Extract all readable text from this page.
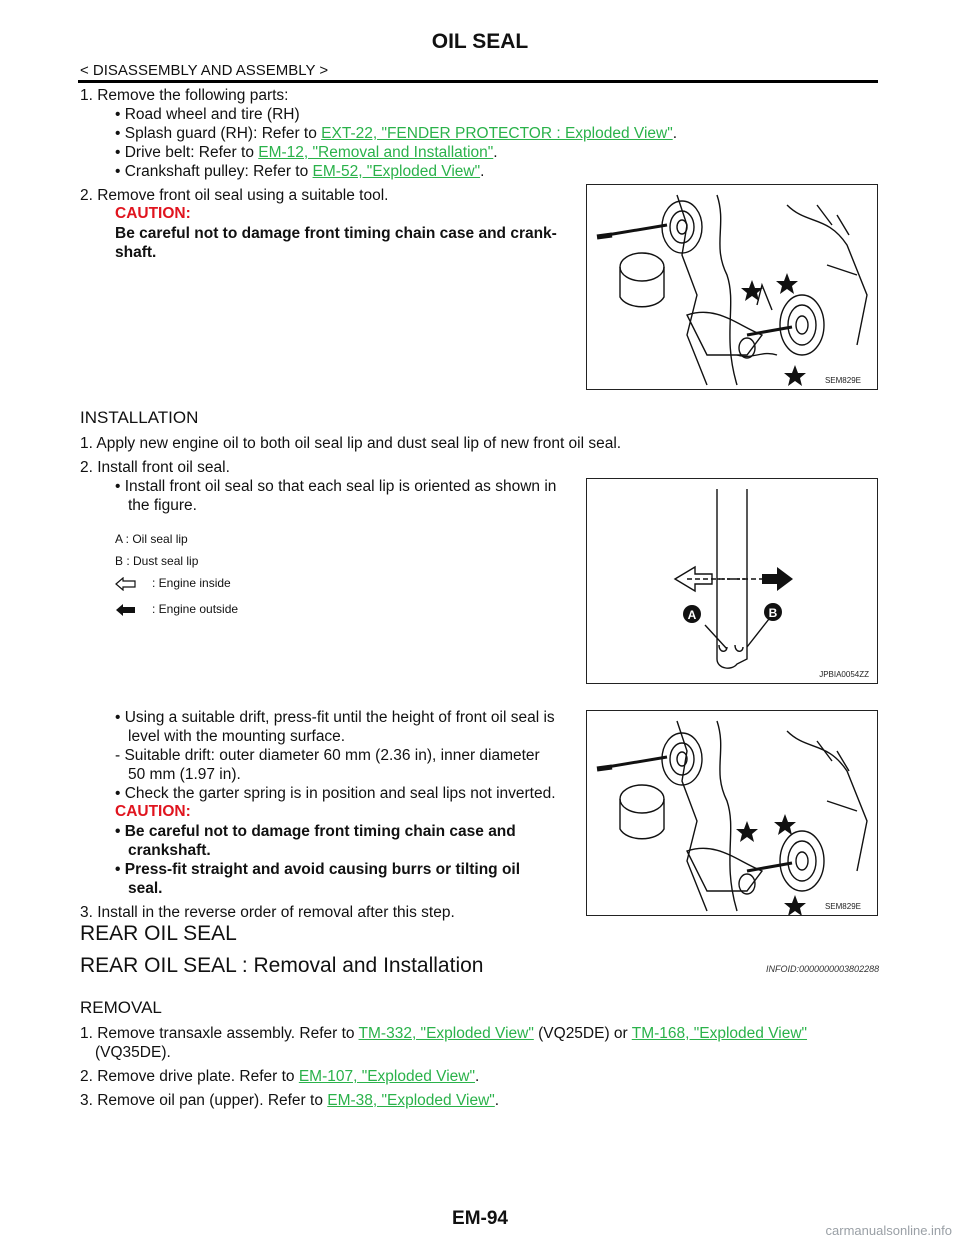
OIL SEAL
< DISASSEMBLY AND ASSEMBLY >
1. Remove the following parts:
• Road wheel and tire (RH)
• Splash guard (RH): Refer to EXT-22, "FENDER PROTECTOR : Exploded View".
• Drive belt: Refer to EM-12, "Removal and Installation".
• Crankshaft pulley: Refer to EM-52, "Exploded View".
2. Remove front oil seal using a suitable tool.
CAUTION:
Be careful not to damage front timing chain case and crank-
shaft.
SEM829E
INSTALLATION
1. Apply new engine oil to both oil seal lip and dust seal lip of new front oil seal.
2. Install front oil seal.
• Install front oil seal so that each seal lip is oriented as shown in
the figure.
A	B
JPBIA0054ZZ
A : Oil seal lip
B : Dust seal lip
: Engine inside
: Engine outside
• Using a suitable drift, press-fit until the height of front oil seal is
level with the mounting surface.
- Suitable drift: outer diameter 60 mm (2.36 in), inner diameter
50 mm (1.97 in).
• Check the garter spring is in position and seal lips not inverted.
CAUTION:
• Be careful not to damage front timing chain case and
crankshaft.
• Press-fit straight and avoid causing burrs or tilting oil
seal.
3. Install in the reverse order of removal after this step.	SEM829E
REAR OIL SEAL
REAR OIL SEAL : Removal and Installation	INFOID:0000000003802288
REMOVAL
1. Remove transaxle assembly. Refer to TM-332, "Exploded View" (VQ25DE) or TM-168, "Exploded View"
(VQ35DE).
2. Remove drive plate. Refer to EM-107, "Exploded View".
3. Remove oil pan (upper). Refer to EM-38, "Exploded View".
EM-94
carmanualsonline.info
